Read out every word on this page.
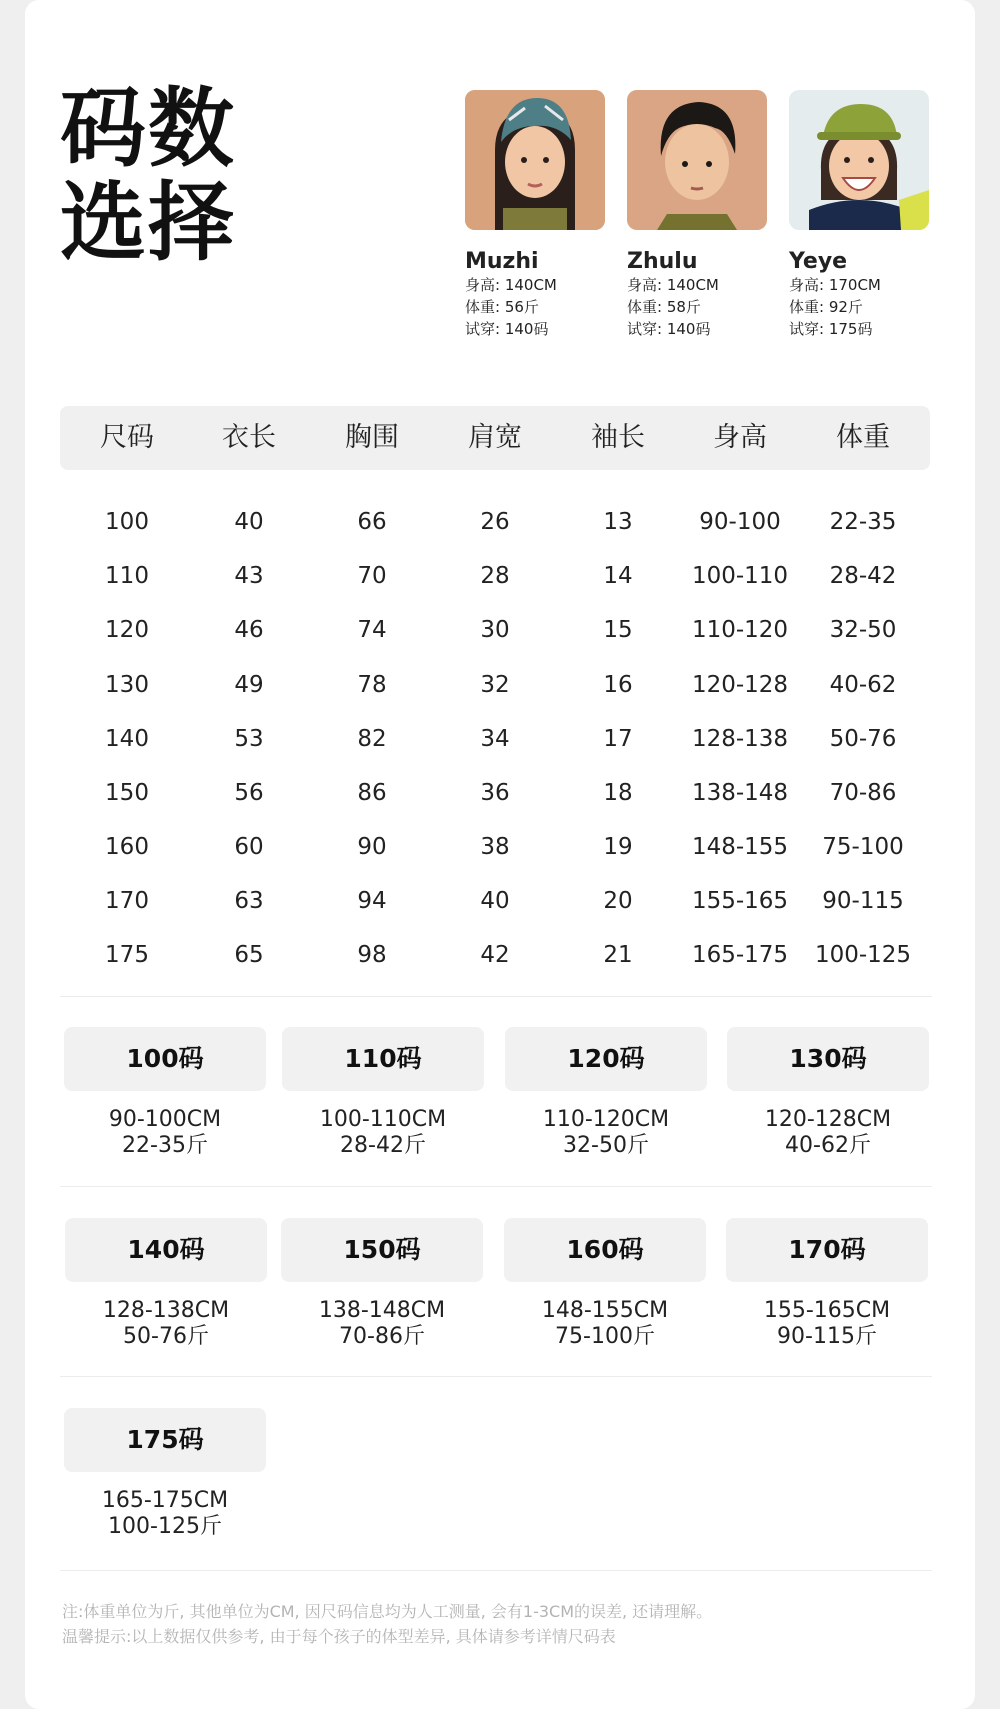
码数
选择	Muzhi
身高: 140CM
体重: 56斤
试穿: 140码
Zhulu
身高: 140CM
体重: 58斤
试穿: 140码
Yeye
身高: 170CM
体重: 92斤
试穿: 175码
尺码	衣长	胸围	肩宽	袖长	身高	体重
100	40	66	26	13	90-100	22-35
110	43	70	28	14	100-110	28-42
120	46	74	30	15	110-120	32-50
130	49	78	32	16	120-128	40-62
140	53	82	34	17	128-138	50-76
150	56	86	36	18	138-148	70-86
160	60	90	38	19	148-155	75-100
170	63	94	40	20	155-165	90-115
175	65	98	42	21	165-175	100-125
100码
90-100CM
22-35斤
110码
100-110CM
28-42斤
120码
110-120CM
32-50斤
130码
120-128CM
40-62斤
140码
128-138CM
50-76斤
150码
138-148CM
70-86斤
160码
148-155CM
75-100斤
170码
155-165CM
90-115斤
175码
165-175CM
100-125斤
注:体重单位为斤, 其他单位为CM, 因尺码信息均为人工测量, 会有1-3CM的误差, 还请理解。
温馨提示:以上数据仅供参考, 由于每个孩子的体型差异, 具体请参考详情尺码表
